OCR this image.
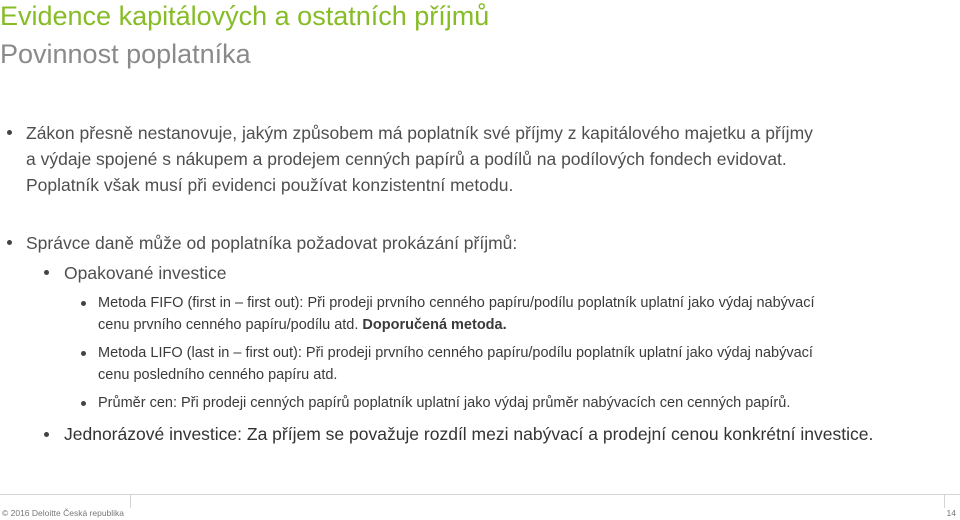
Evidence kapitálových a ostatních příjmů
Povinnost poplatníka
Zákon přesně nestanovuje, jakým způsobem má poplatník své příjmy z kapitálového majetku a příjmy
a výdaje spojené s nákupem a prodejem cenných papírů a podílů na podílových fondech evidovat.
Poplatník však musí při evidenci používat konzistentní metodu.
Správce daně může od poplatníka požadovat prokázání příjmů:
Opakované investice
Metoda FIFO (first in – first out): Při prodeji prvního cenného papíru/podílu poplatník uplatní jako výdaj nabývací
cenu prvního cenného papíru/podílu atd. Doporučená metoda.
Metoda LIFO (last in – first out): Při prodeji prvního cenného papíru/podílu poplatník uplatní jako výdaj nabývací
cenu posledního cenného papíru atd.
Průměr cen: Při prodeji cenných papírů poplatník uplatní jako výdaj průměr nabývacích cen cenných papírů.
Jednorázové investice: Za příjem se považuje rozdíl mezi nabývací a prodejní cenou konkrétní investice.
© 2016 Deloitte Česká republika	14
